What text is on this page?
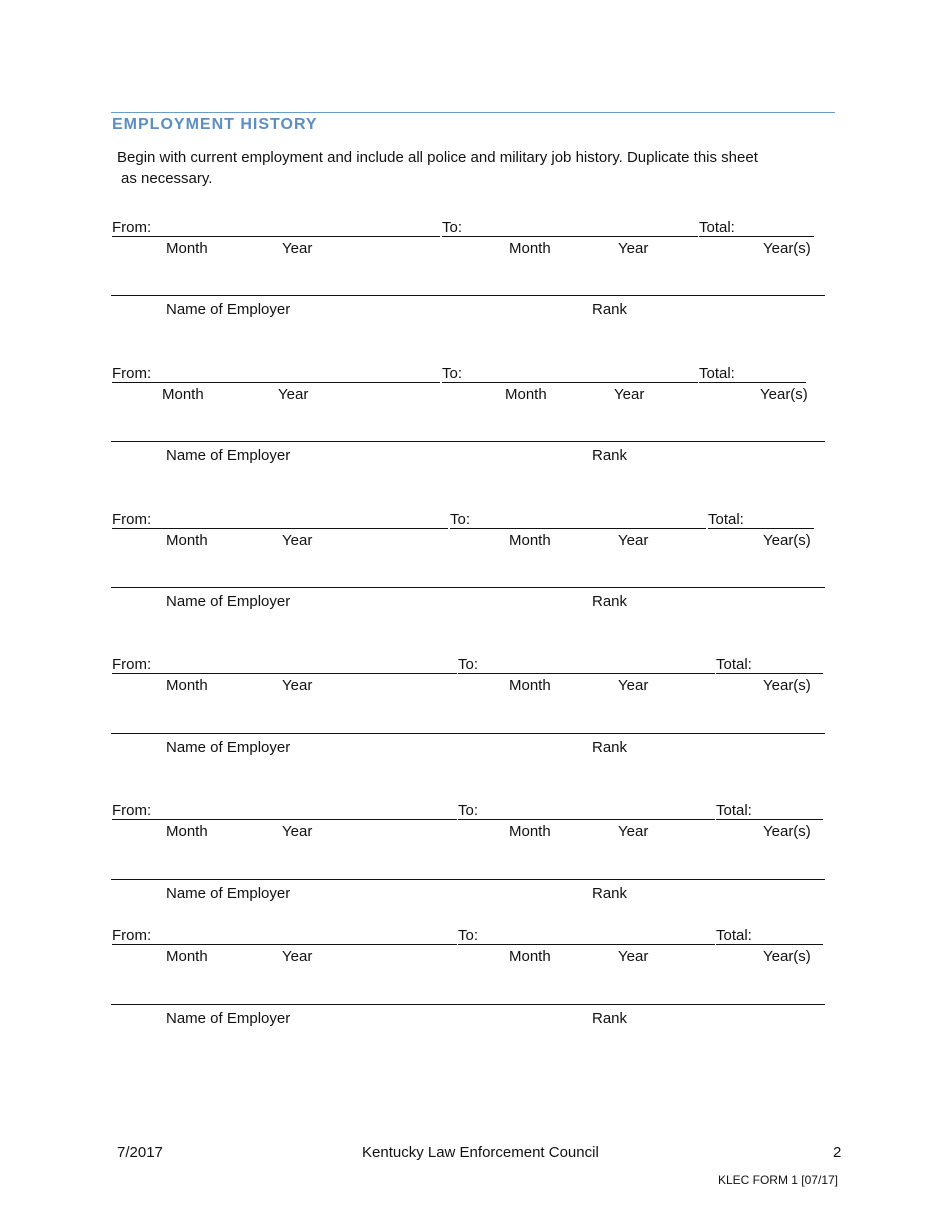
EMPLOYMENT HISTORY
Begin with current employment and include all police and military job history. Duplicate this sheet
as necessary.
From:	To:	Total:
Month	Year	Month	Year	Year(s)
Name of Employer	Rank
From:	To:	Total:
Month	Year	Month	Year	Year(s)
Name of Employer	Rank
From:	To:	Total:
Month	Year	Month	Year	Year(s)
Name of Employer	Rank
From:	To:	Total:
Month	Year	Month	Year	Year(s)
Name of Employer	Rank
From:	To:	Total:
Month	Year	Month	Year	Year(s)
Name of Employer	Rank
From:	To:	Total:
Month	Year	Month	Year	Year(s)
Name of Employer	Rank
7/2017	Kentucky Law Enforcement Council	2
KLEC FORM 1 [07/17]
